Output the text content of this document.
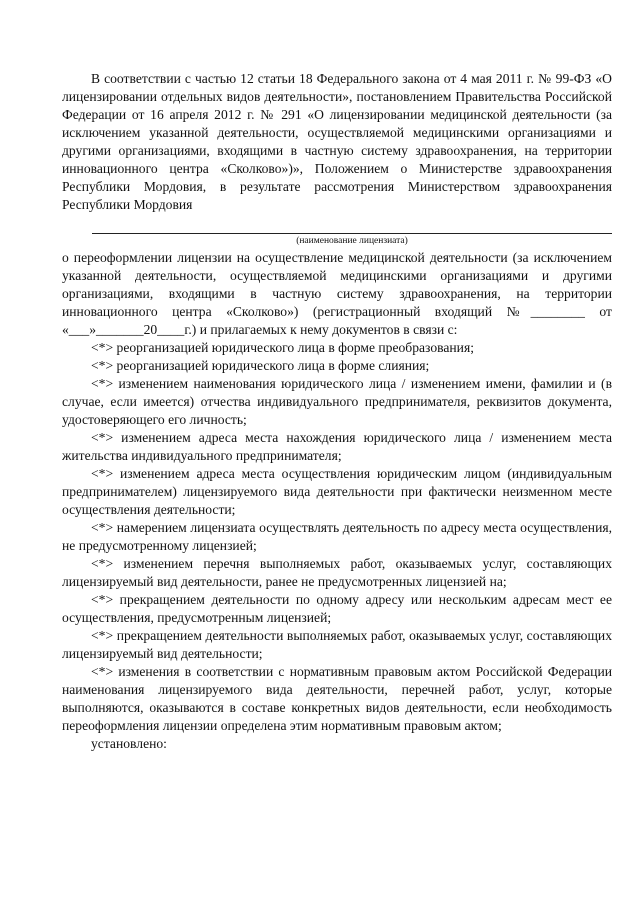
В соответствии с частью 12 статьи 18 Федерального закона от 4 мая 2011 г. № 99-ФЗ «О лицензировании отдельных видов деятельности», постановлением Правительства Российской Федерации от 16 апреля 2012 г. № 291 «О лицензировании медицинской деятельности (за исключением указанной деятельности, осуществляемой медицинскими организациями и другими организациями, входящими в частную систему здравоохранения, на территории инновационного центра «Сколково»)», Положением о Министерстве здравоохранения Республики Мордовия, в результате рассмотрения Министерством здравоохранения Республики Мордовия

(наименование лицензиата)

о переоформлении лицензии на осуществление медицинской деятельности (за исключением указанной деятельности, осуществляемой медицинскими организациями и другими организациями, входящими в частную систему здравоохранения, на территории инновационного центра «Сколково») (регистрационный входящий №________ от «___»_______20____г.) и прилагаемых к нему документов в связи с:

<*> реорганизацией юридического лица в форме преобразования;

<*> реорганизацией юридического лица в форме слияния;

<*> изменением наименования юридического лица / изменением имени, фамилии и (в случае, если имеется) отчества индивидуального предпринимателя, реквизитов документа, удостоверяющего его личность;

<*> изменением адреса места нахождения юридического лица / изменением места жительства индивидуального предпринимателя;

<*> изменением адреса места осуществления юридическим лицом (индивидуальным предпринимателем) лицензируемого вида деятельности при фактически неизменном месте осуществления деятельности;

<*> намерением лицензиата осуществлять деятельность по адресу места осуществления, не предусмотренному лицензией;

<*> изменением перечня выполняемых работ, оказываемых услуг, составляющих лицензируемый вид деятельности, ранее не предусмотренных лицензией на;

<*> прекращением деятельности по одному адресу или нескольким адресам мест ее осуществления, предусмотренным лицензией;

<*> прекращением деятельности выполняемых работ, оказываемых услуг, составляющих лицензируемый вид деятельности;

<*> изменения в соответствии с нормативным правовым актом Российской Федерации наименования лицензируемого вида деятельности, перечней работ, услуг, которые выполняются, оказываются в составе конкретных видов деятельности, если необходимость переоформления лицензии определена этим нормативным правовым актом;

установлено:
